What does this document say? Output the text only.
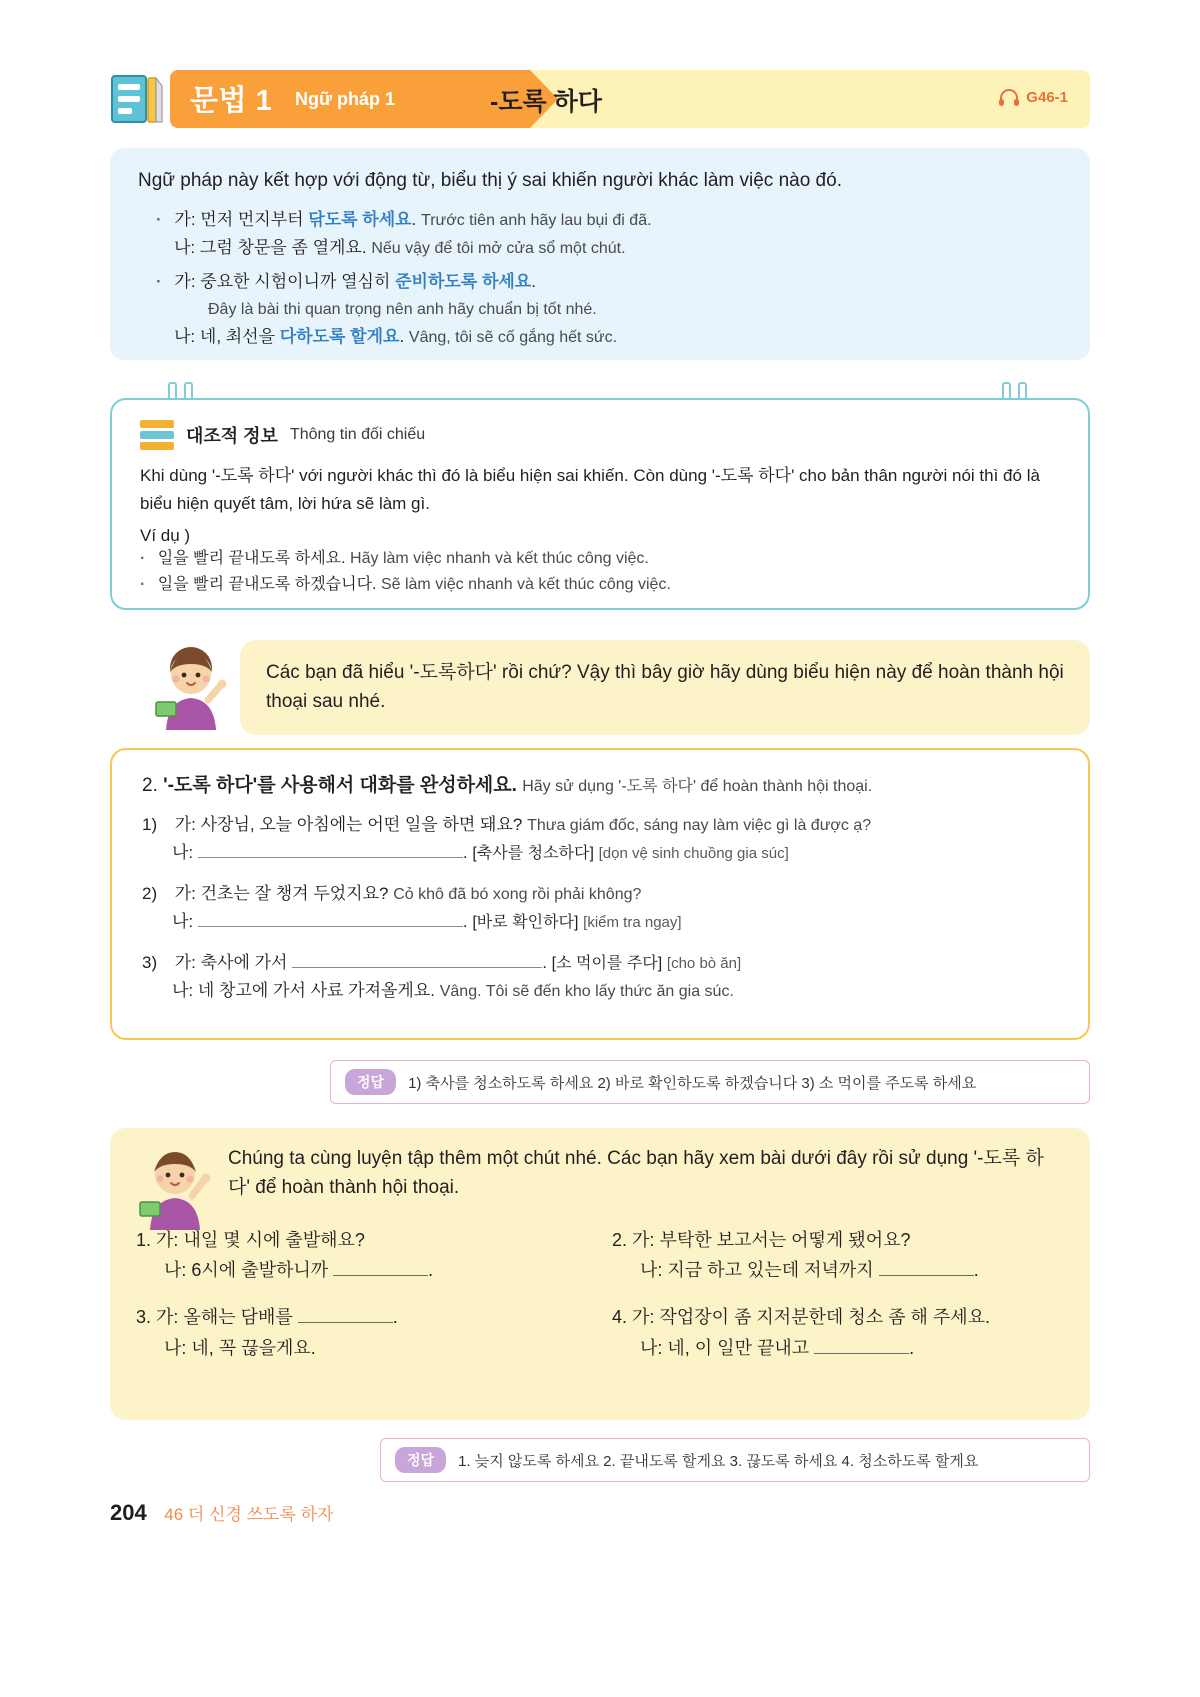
문법 1 Ngữ pháp 1	-도록 하다	G46-1
Ngữ pháp này kết hợp với động từ, biểu thị ý sai khiến người khác làm việc nào đó.
· 가: 먼저 먼지부터 닦도록 하세요. Trước tiên anh hãy lau bụi đi đã.
나: 그럼 창문을 좀 열게요. Nếu vậy để tôi mở cửa sổ một chút.
· 가: 중요한 시험이니까 열심히 준비하도록 하세요.
Đây là bài thi quan trọng nên anh hãy chuẩn bị tốt nhé.
나: 네, 최선을 다하도록 할게요. Vâng, tôi sẽ cố gắng hết sức.
대조적 정보 Thông tin đối chiếu
Khi dùng '-도록 하다' với người khác thì đó là biểu hiện sai khiến. Còn dùng '-도록 하다' cho bản thân người nói thì đó là biểu hiện quyết tâm, lời hứa sẽ làm gì.
Ví dụ )
· 일을 빨리 끝내도록 하세요. Hãy làm việc nhanh và kết thúc công việc.
· 일을 빨리 끝내도록 하겠습니다. Sẽ làm việc nhanh và kết thúc công việc.
Các bạn đã hiểu '-도록하다' rồi chứ? Vậy thì bây giờ hãy dùng biểu hiện này để hoàn thành hội thoại sau nhé.
2. '-도록 하다'를 사용해서 대화를 완성하세요. Hãy sử dụng '-도록 하다' để hoàn thành hội thoại.
1) 가: 사장님, 오늘 아침에는 어떤 일을 하면 돼요? Thưa giám đốc, sáng nay làm việc gì là được ạ?
나:	. [축사를 청소하다] [dọn vệ sinh chuồng gia súc]
2) 가: 건초는 잘 챙겨 두었지요? Cỏ khô đã bó xong rồi phải không?
나:	. [바로 확인하다] [kiểm tra ngay]
3) 가: 축사에 가서	. [소 먹이를 주다] [cho bò ăn]
나: 네 창고에 가서 사료 가져올게요. Vâng. Tôi sẽ đến kho lấy thức ăn gia súc.
정답	1) 축사를 청소하도록 하세요 2) 바로 확인하도록 하겠습니다 3) 소 먹이를 주도록 하세요
Chúng ta cùng luyện tập thêm một chút nhé. Các bạn hãy xem bài dưới đây rồi sử dụng '-도록 하다' để hoàn thành hội thoại.
1. 가: 내일 몇 시에 출발해요?
나: 6시에 출발하니까	.
2. 가: 부탁한 보고서는 어떻게 됐어요?
나: 지금 하고 있는데 저녁까지	.
3. 가: 올해는 담배를	.
나: 네, 꼭 끊을게요.
4. 가: 작업장이 좀 지저분한데 청소 좀 해 주세요.
나: 네, 이 일만 끝내고	.
정답	1. 늦지 않도록 하세요 2. 끝내도록 할게요 3. 끊도록 하세요 4. 청소하도록 할게요
204 46 더 신경 쓰도록 하자
